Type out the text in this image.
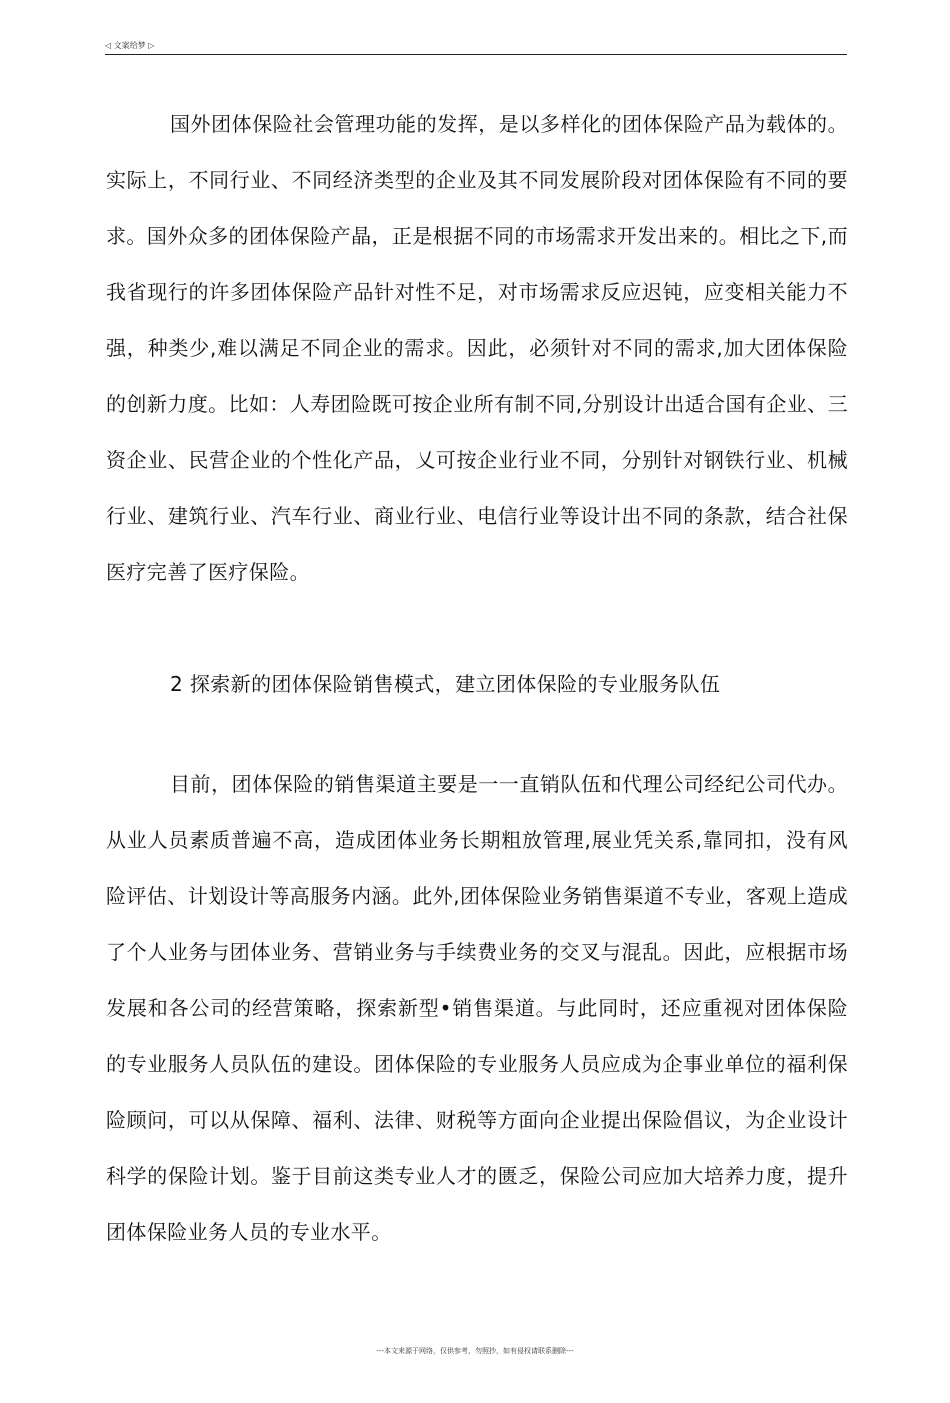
◁ 文案给梦 ▷

国外团体保险社会管理功能的发挥，是以多样化的团体保险产品为载体的。实际上，不同行业、不同经济类型的企业及其不同发展阶段对团体保险有不同的要求。国外众多的团体保险产晶，正是根据不同的市场需求开发出来的。相比之下,而我省现行的许多团体保险产品针对性不足，对市场需求反应迟钝，应变相关能力不强，种类少,难以满足不同企业的需求。因此，必须针对不同的需求,加大团体保险的创新力度。比如：人寿团险既可按企业所有制不同,分别设计出适合国有企业、三资企业、民营企业的个性化产品，乂可按企业行业不同，分别针对钢铁行业、机械行业、建筑行业、汽车行业、商业行业、电信行业等设计出不同的条款，结合社保医疗完善了医疗保险。

2 探索新的团体保险销售模式，建立团体保险的专业服务队伍

目前，团体保险的销售渠道主要是一一直销队伍和代理公司经纪公司代办。从业人员素质普遍不高，造成团体业务长期粗放管理,展业凭关系,靠同扣，没有风险评估、计划设计等高服务内涵。此外,团体保险业务销售渠道不专业，客观上造成了个人业务与团体业务、营销业务与手续费业务的交叉与混乱。因此，应根据市场发展和各公司的经营策略，探索新型•销售渠道。与此同时，还应重视对团体保险的专业服务人员队伍的建设。团体保险的专业服务人员应成为企事业单位的福利保险顾问，可以从保障、福利、法律、财税等方面向企业提出保险倡议，为企业设计科学的保险计划。鉴于目前这类专业人才的匮乏，保险公司应加大培养力度，提升团体保险业务人员的专业水平。

---本文来源于网络，仅供参考，勿照抄，如有侵权请联系删除---
